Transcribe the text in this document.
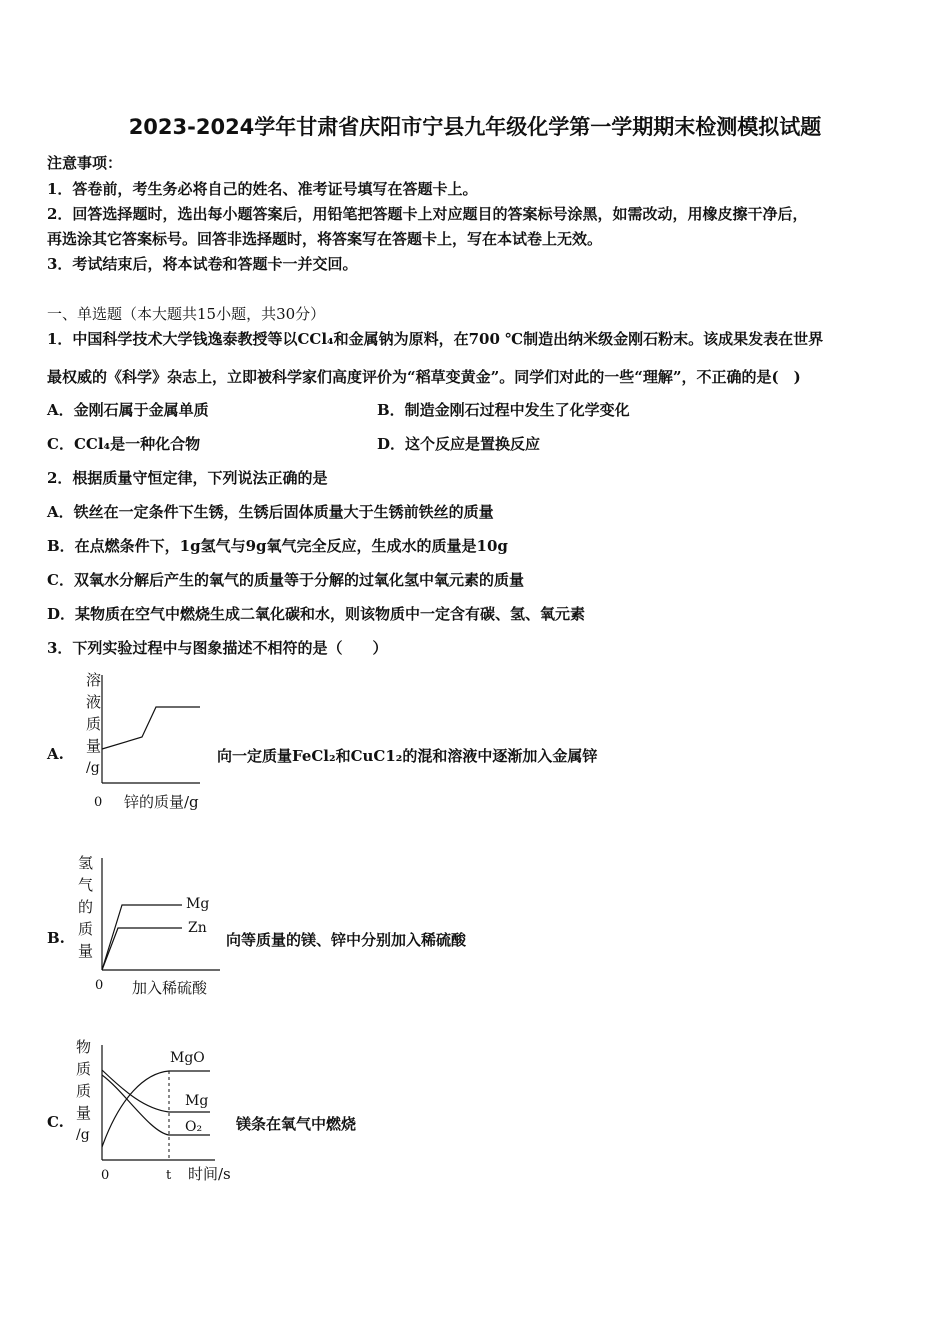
2023-2024学年甘肃省庆阳市宁县九年级化学第一学期期末检测模拟试题
注意事项：
1．答卷前，考生务必将自己的姓名、准考证号填写在答题卡上。
2．回答选择题时，选出每小题答案后，用铅笔把答题卡上对应题目的答案标号涂黑，如需改动，用橡皮擦干净后，
再选涂其它答案标号。回答非选择题时，将答案写在答题卡上，写在本试卷上无效。
3．考试结束后，将本试卷和答题卡一并交回。
一、单选题（本大题共15小题，共30分）
1．中国科学技术大学钱逸泰教授等以CCl₄和金属钠为原料，在700 ℃制造出纳米级金刚石粉末。该成果发表在世界
最权威的《科学》杂志上，立即被科学家们高度评价为“稻草变黄金”。同学们对此的一些“理解”，不正确的是(　)
A．金刚石属于金属单质	B．制造金刚石过程中发生了化学变化
C．CCl₄是一种化合物	D．这个反应是置换反应
2．根据质量守恒定律，下列说法正确的是
A．铁丝在一定条件下生锈，生锈后固体质量大于生锈前铁丝的质量
B．在点燃条件下，1g氢气与9g氧气完全反应，生成水的质量是10g
C．双氧水分解后产生的氧气的质量等于分解的过氧化氢中氧元素的质量
D．某物质在空气中燃烧生成二氧化碳和水，则该物质中一定含有碳、氢、氧元素
3．下列实验过程中与图象描述不相符的是（　　）
A.
溶
液
质
量
/g
0 锌的质量/g
向一定质量FeCl₂和CuC1₂的混和溶液中逐渐加入金属锌
B.
氢
气
的
质
量
Mg
Zn
0 加入稀硫酸
向等质量的镁、锌中分别加入稀硫酸
C.
物
质
质
量
/g
MgO
Mg
O₂
0	t 时间/s
镁条在氧气中燃烧
